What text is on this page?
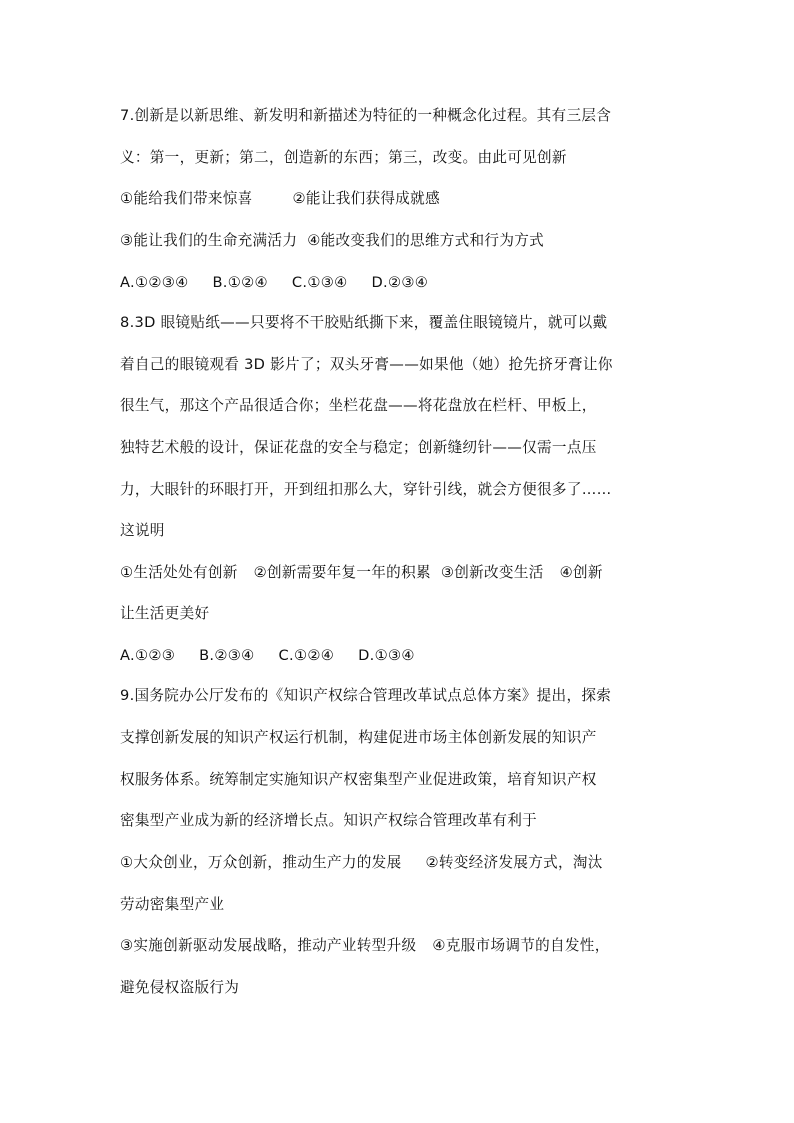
7.创新是以新思维、新发明和新描述为特征的一种概念化过程。其有三层含
义：第一，更新；第二，创造新的东西；第三，改变。由此可见创新
①能给我们带来惊喜	②能让我们获得成就感
③能让我们的生命充满活力 ④能改变我们的思维方式和行为方式
A.①②③④ B.①②④ C.①③④ D.②③④
8.3D 眼镜贴纸——只要将不干胶贴纸撕下来，覆盖住眼镜镜片，就可以戴
着自己的眼镜观看 3D 影片了；双头牙膏——如果他（她）抢先挤牙膏让你
很生气，那这个产品很适合你；坐栏花盘——将花盘放在栏杆、甲板上，
独特艺术般的设计，保证花盘的安全与稳定；创新缝纫针——仅需一点压
力，大眼针的环眼打开，开到纽扣那么大，穿针引线，就会方便很多了……
这说明
①生活处处有创新 ②创新需要年复一年的积累 ③创新改变生活 ④创新
让生活更美好
A.①②③ B.②③④ C.①②④ D.①③④
9.国务院办公厅发布的《知识产权综合管理改革试点总体方案》提出，探索
支撑创新发展的知识产权运行机制，构建促进市场主体创新发展的知识产
权服务体系。统筹制定实施知识产权密集型产业促进政策，培育知识产权
密集型产业成为新的经济增长点。知识产权综合管理改革有利于
①大众创业，万众创新，推动生产力的发展 ②转变经济发展方式，淘汰
劳动密集型产业
③实施创新驱动发展战略，推动产业转型升级 ④克服市场调节的自发性，
避免侵权盗版行为
